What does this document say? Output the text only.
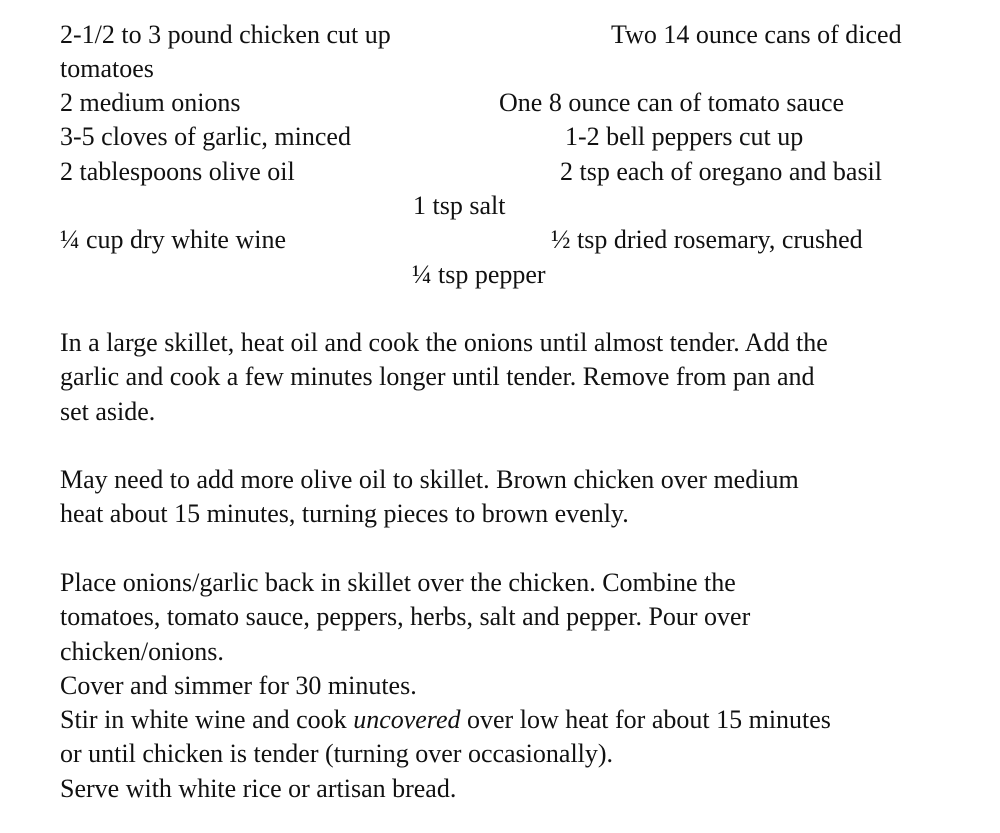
2-1/2 to 3 pound chicken cut up	Two 14 ounce cans of diced
tomatoes
2 medium onions	One 8 ounce can of tomato sauce
3-5 cloves of garlic, minced	1-2 bell peppers cut up
2 tablespoons olive oil	2 tsp each of oregano and basil
1 tsp salt
¼ cup dry white wine	½ tsp dried rosemary, crushed
¼ tsp pepper

In a large skillet, heat oil and cook the onions until almost tender. Add the
garlic and cook a few minutes longer until tender. Remove from pan and
set aside.

May need to add more olive oil to skillet. Brown chicken over medium
heat about 15 minutes, turning pieces to brown evenly.

Place onions/garlic back in skillet over the chicken. Combine the
tomatoes, tomato sauce, peppers, herbs, salt and pepper. Pour over
chicken/onions.
Cover and simmer for 30 minutes.
Stir in white wine and cook uncovered over low heat for about 15 minutes
or until chicken is tender (turning over occasionally).
Serve with white rice or artisan bread.
